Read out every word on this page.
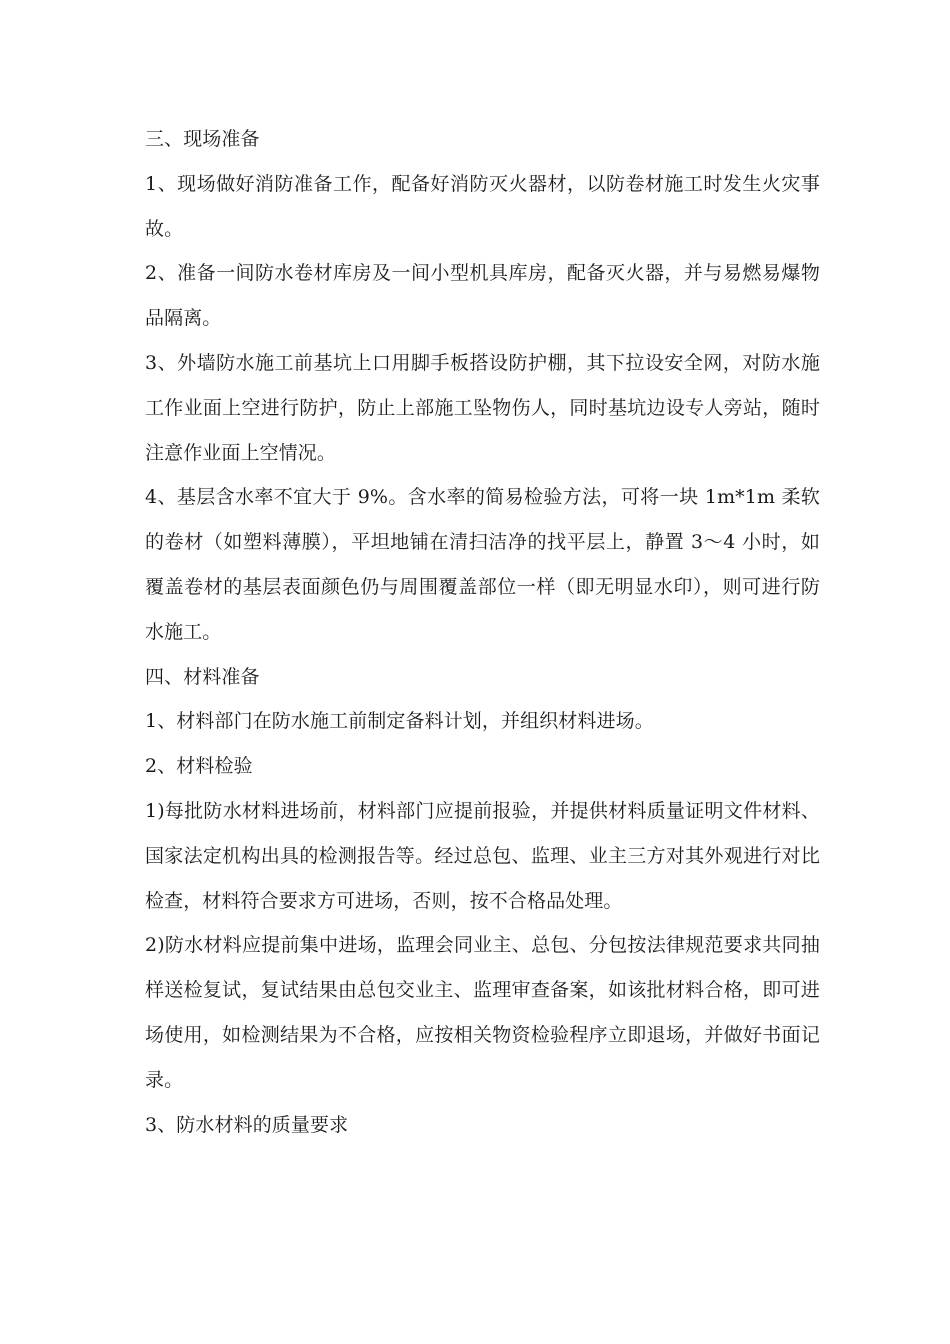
三、现场准备

1、现场做好消防准备工作，配备好消防灭火器材，以防卷材施工时发生火灾事故。

2、准备一间防水卷材库房及一间小型机具库房，配备灭火器，并与易燃易爆物品隔离。

3、外墙防水施工前基坑上口用脚手板搭设防护棚，其下拉设安全网，对防水施工作业面上空进行防护，防止上部施工坠物伤人，同时基坑边设专人旁站，随时注意作业面上空情况。

4、基层含水率不宜大于 9%。含水率的简易检验方法，可将一块 1m*1m 柔软的卷材（如塑料薄膜），平坦地铺在清扫洁净的找平层上，静置 3～4 小时，如覆盖卷材的基层表面颜色仍与周围覆盖部位一样（即无明显水印），则可进行防水施工。

四、材料准备

1、材料部门在防水施工前制定备料计划，并组织材料进场。

2、材料检验

1)每批防水材料进场前，材料部门应提前报验，并提供材料质量证明文件材料、国家法定机构出具的检测报告等。经过总包、监理、业主三方对其外观进行对比检查，材料符合要求方可进场，否则，按不合格品处理。

2)防水材料应提前集中进场，监理会同业主、总包、分包按法律规范要求共同抽样送检复试，复试结果由总包交业主、监理审查备案，如该批材料合格，即可进场使用，如检测结果为不合格，应按相关物资检验程序立即退场，并做好书面记录。

3、防水材料的质量要求
